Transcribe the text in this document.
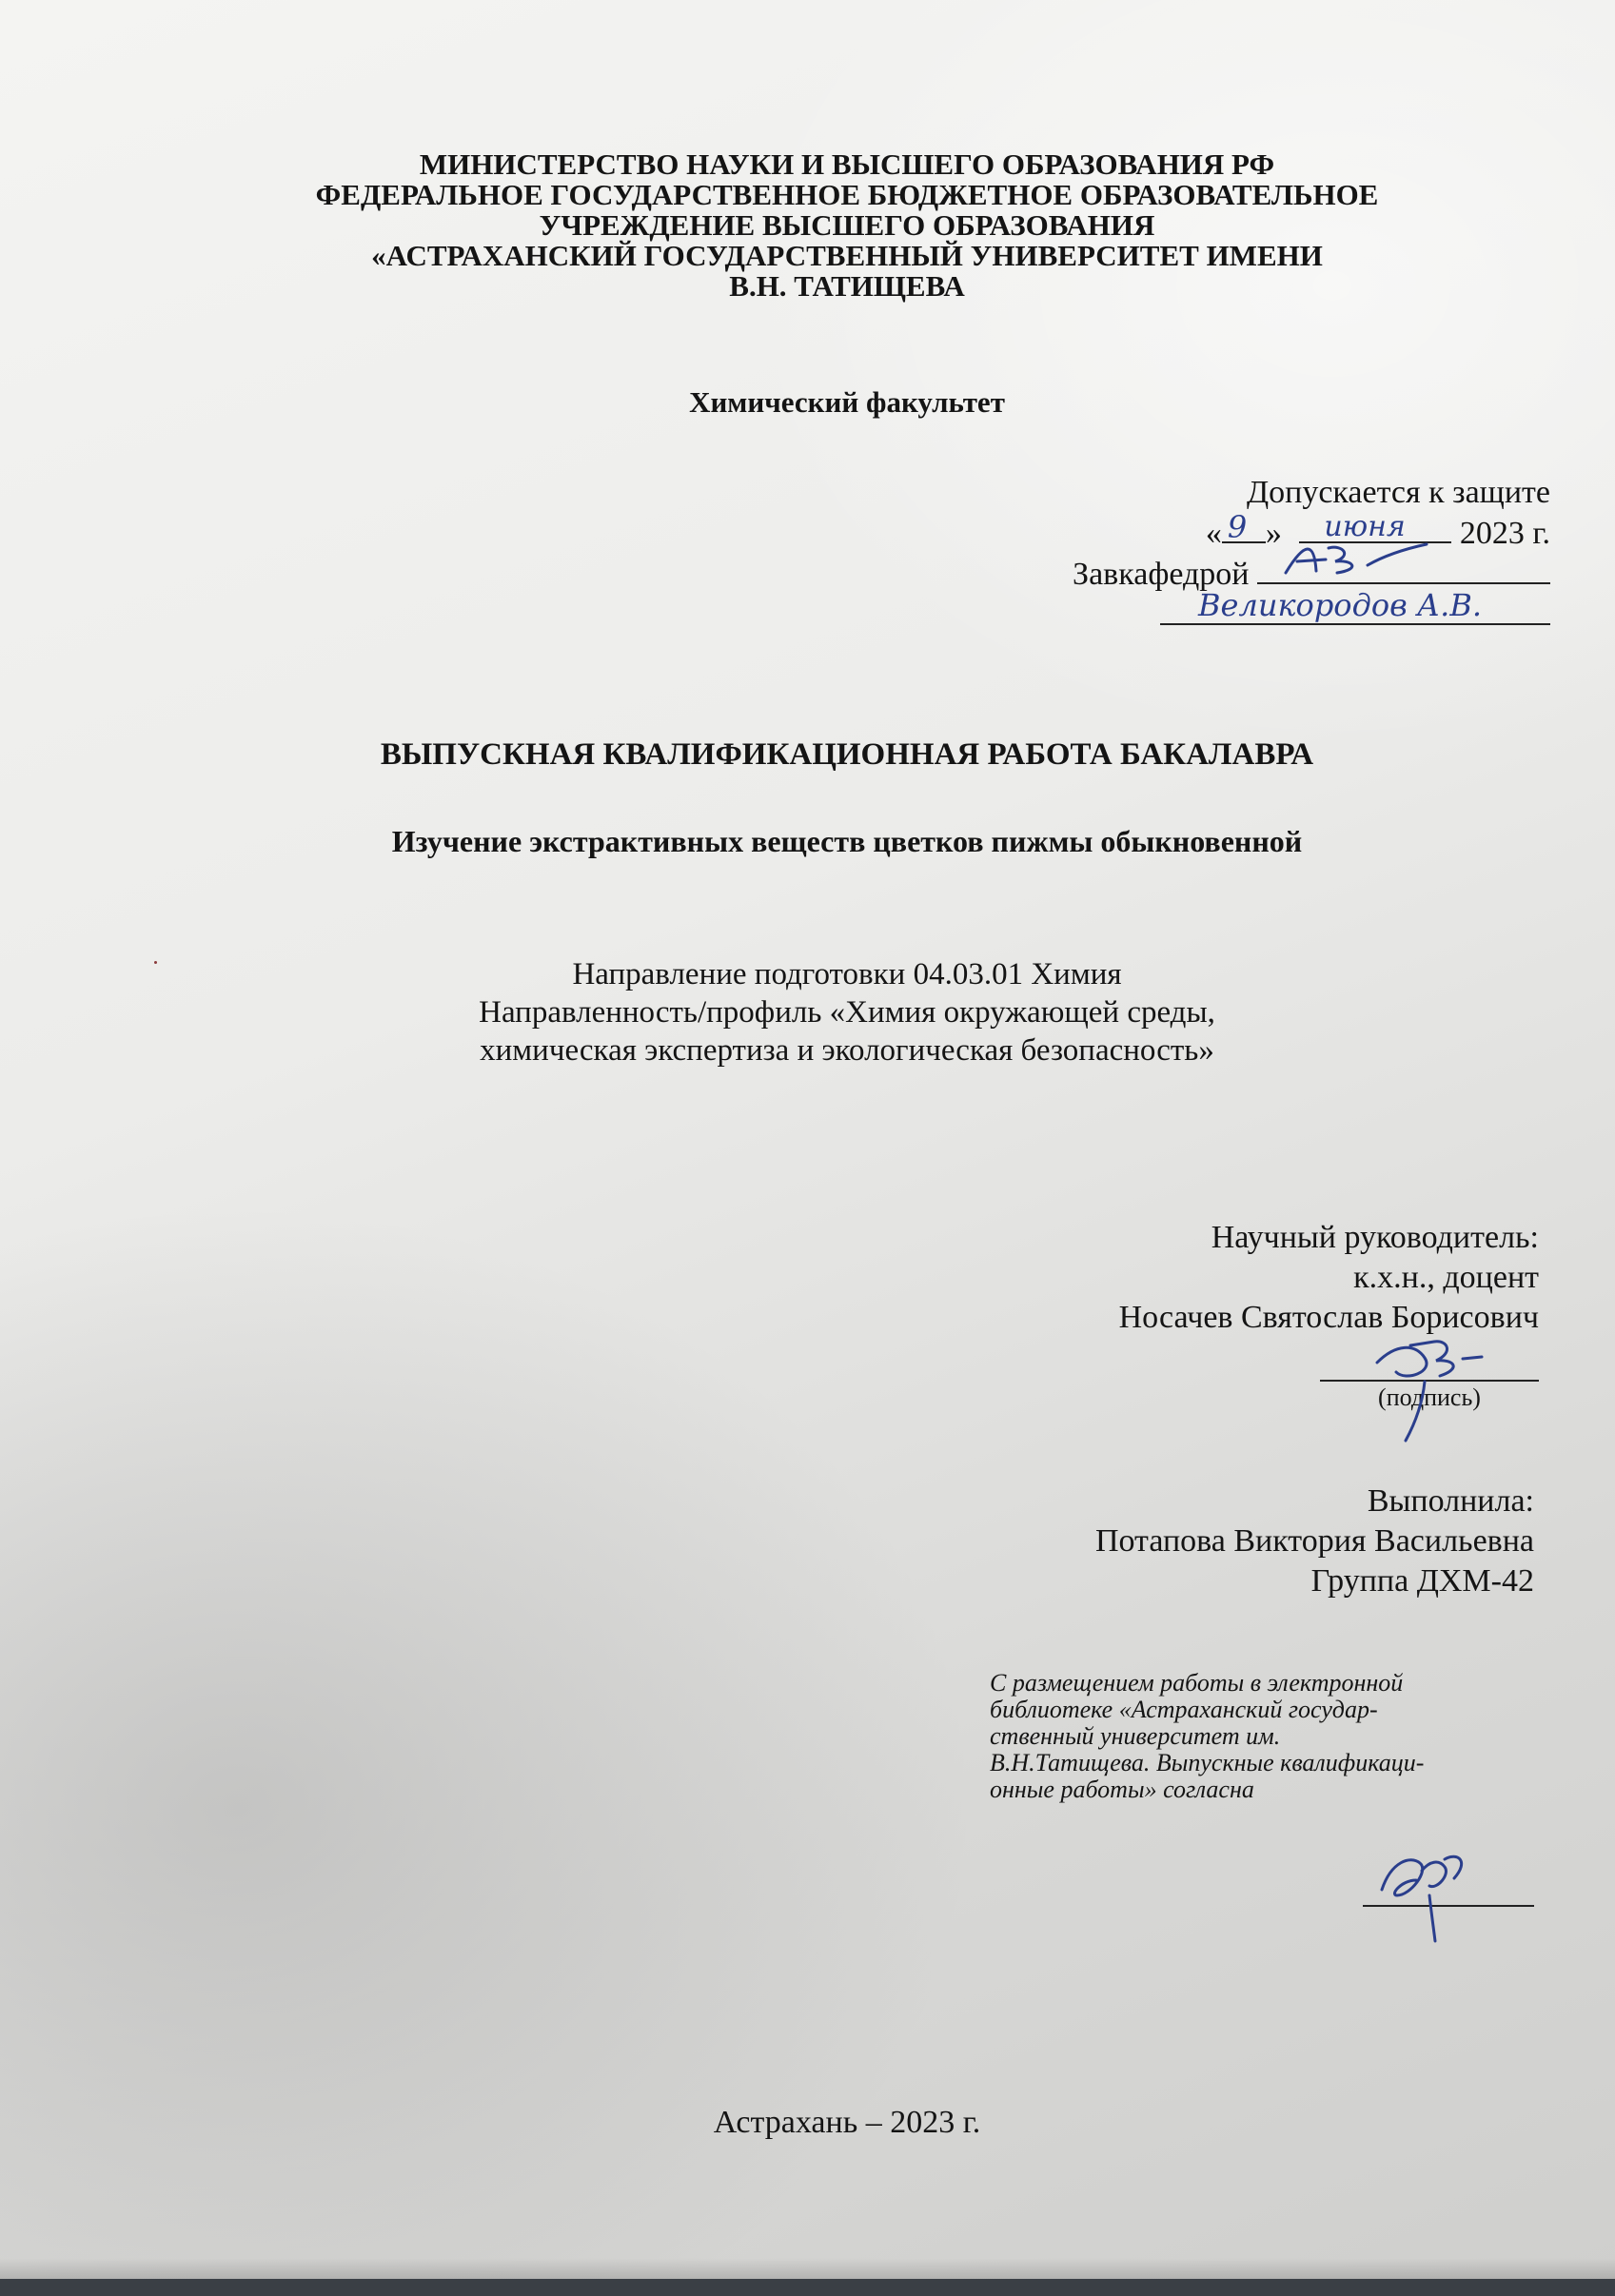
МИНИСТЕРСТВО НАУКИ И ВЫСШЕГО ОБРАЗОВАНИЯ РФ
ФЕДЕРАЛЬНОЕ ГОСУДАРСТВЕННОЕ БЮДЖЕТНОЕ ОБРАЗОВАТЕЛЬНОЕ
УЧРЕЖДЕНИЕ ВЫСШЕГО ОБРАЗОВАНИЯ
«АСТРАХАНСКИЙ ГОСУДАРСТВЕННЫЙ УНИВЕРСИТЕТ ИМЕНИ
В.Н. ТАТИЩЕВА
Химический факультет
Допускается к защите
« 9 » июня 2023 г.
Завкафедрой
Великородов А.В.
ВЫПУСКНАЯ КВАЛИФИКАЦИОННАЯ РАБОТА БАКАЛАВРА
Изучение экстрактивных веществ цветков пижмы обыкновенной
Направление подготовки 04.03.01 Химия
Направленность/профиль «Химия окружающей среды,
химическая экспертиза и экологическая безопасность»
Научный руководитель:
к.х.н., доцент
Носачев Святослав Борисович
(подпись)
Выполнила:
Потапова Виктория Васильевна
Группа ДХМ-42
С размещением работы в электронной
библиотеке «Астраханский государ-
ственный университет им.
В.Н.Татищева. Выпускные квалификаци-
онные работы» согласна
Астрахань – 2023 г.
